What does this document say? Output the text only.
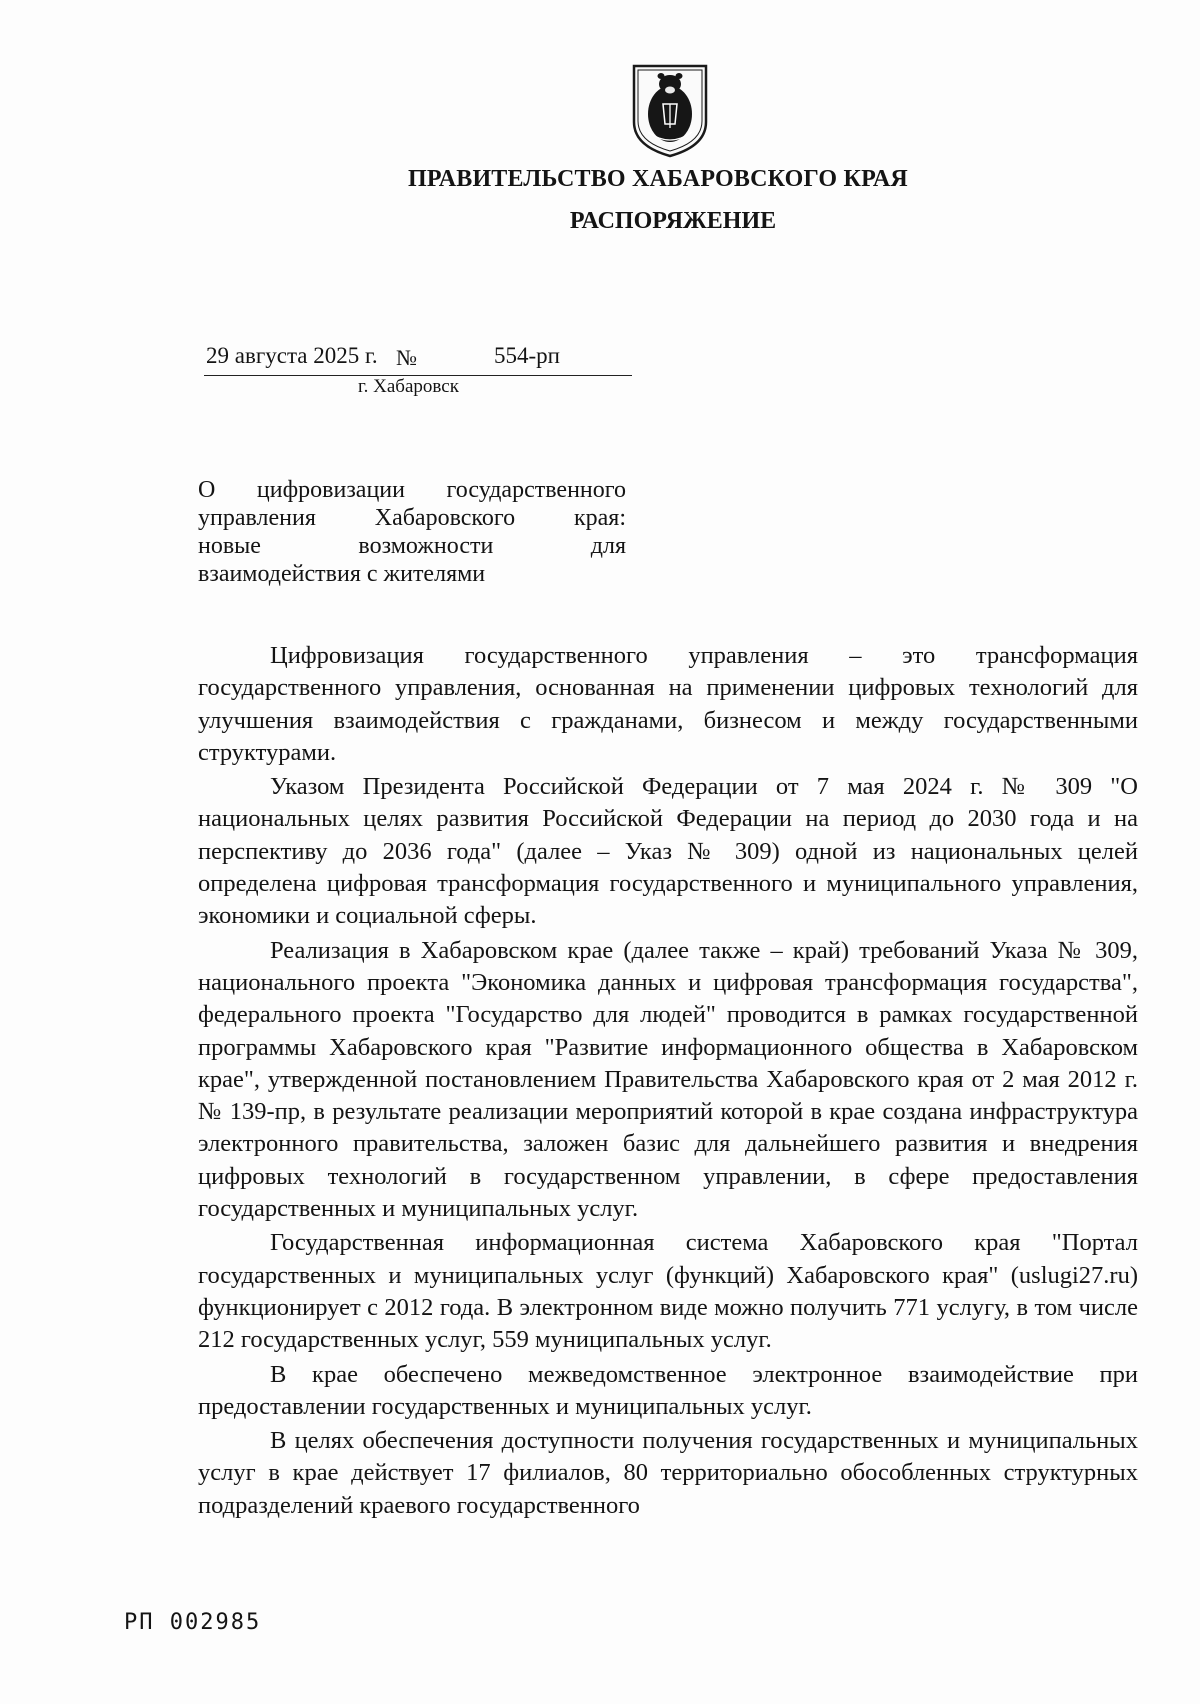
ПРАВИТЕЛЬСТВО ХАБАРОВСКОГО КРАЯ
РАСПОРЯЖЕНИЕ
29 августа 2025 г. №	554-рп
г. Хабаровск
О цифровизации государственного
управления Хабаровского края:
новые возможности для
взаимодействия с жителями

Цифровизация государственного управления – это трансформация государственного управления, основанная на применении цифровых технологий для улучшения взаимодействия с гражданами, бизнесом и между государственными структурами.

Указом Президента Российской Федерации от 7 мая 2024 г. № 309 "О национальных целях развития Российской Федерации на период до 2030 года и на перспективу до 2036 года" (далее – Указ № 309) одной из национальных целей определена цифровая трансформация государственного и муниципального управления, экономики и социальной сферы.

Реализация в Хабаровском крае (далее также – край) требований Указа № 309, национального проекта "Экономика данных и цифровая трансформация государства", федерального проекта "Государство для людей" проводится в рамках государственной программы Хабаровского края "Развитие информационного общества в Хабаровском крае", утвержденной постановлением Правительства Хабаровского края от 2 мая 2012 г. № 139-пр, в результате реализации мероприятий которой в крае создана инфраструктура электронного правительства, заложен базис для дальнейшего развития и внедрения цифровых технологий в государственном управлении, в сфере предоставления государственных и муниципальных услуг.

Государственная информационная система Хабаровского края "Портал государственных и муниципальных услуг (функций) Хабаровского края" (uslugi27.ru) функционирует с 2012 года. В электронном виде можно получить 771 услугу, в том числе 212 государственных услуг, 559 муниципальных услуг.

В крае обеспечено межведомственное электронное взаимодействие при предоставлении государственных и муниципальных услуг.

В целях обеспечения доступности получения государственных и муниципальных услуг в крае действует 17 филиалов, 80 территориально обособленных структурных подразделений краевого государственного

РП 002985
